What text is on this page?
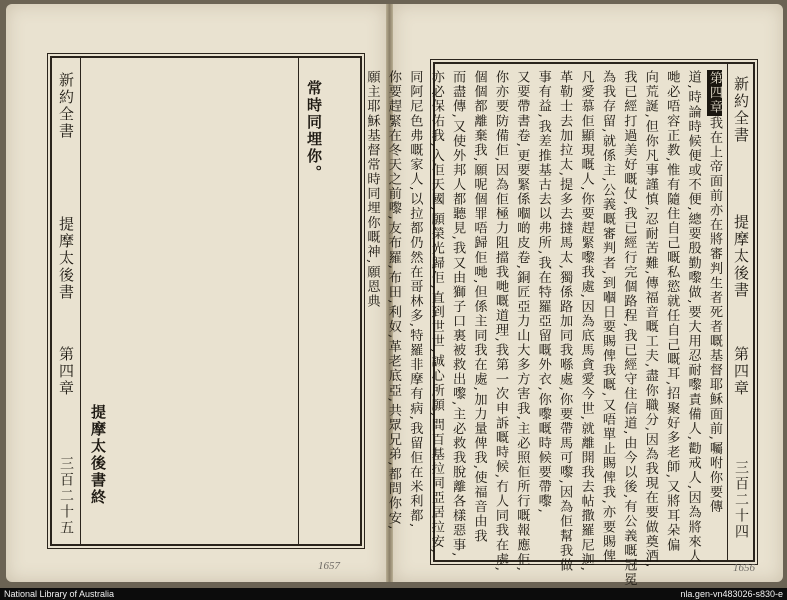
新約全書
提摩太後書
第四章
三百二十五
常時同埋你。
提摩太後書終

1657
新約全書
提摩太後書
第四章
三百二十四
第四章我在上帝面前亦在將審判生者死者嘅基督耶穌面前,囑咐你要傳
道,時論時候便或不便,總要殷勤嚟做,要大用忍耐嚟責備人,勸戒人,因為將來人
哋必唔容正教,惟有隨住自己嘅私慾就任自己嘅耳,招聚好多老師,又將耳朵偏
向荒誕,但你凡事謹慎,忍耐苦難,傳福音嘅工夫,盡你職分,因為我現在要做奠酒,
我已經打過美好嘅仗,我已經行完個路程,我已經守住信道,由今以後,有公義嘅冠冕
為我存留,就係主,公義嘅審判者,到嗰日要賜俾我嘅,又唔單止賜俾我,亦要賜俾
凡愛慕佢顯現嘅人,你要趕緊嚟我處,因為底馬貪愛今世,就離開我去帖撒羅尼迦,
革勒士去加拉太,提多去撻馬太,獨係路加同我喺處,你要帶馬可嚟,因為佢幫我做
事有益,我差推基古去以弗所,我在特羅亞留嘅外衣,你嚟嘅時候要帶嚟,
又要帶書卷,更要緊係嗰啲皮卷,銅匠亞力山大多方害我,主必照佢所行嘅報應佢,
你亦要防備佢,因為佢極力阻擋我哋嘅道理,我第一次申訴嘅時候,冇人同我在處,
個個都離棄我,願呢個罪唔歸佢哋,但係主同我在處,加力量俾我,使福音由我
而盡傳,又使外邦人都聽見,我又由獅子口裏被救出嚟,主必救我脫離各樣惡事,
亦必保佑我,入佢天國,願榮光歸佢,直到世世,誠心所願,問百基拉同亞居拉安,
同阿尼色弗嘅家人,以拉都仍然在哥林多,特羅非摩有病,我留佢在米利都,
你要趕緊在冬天之前嚟,友布羅,布田,利奴,革老底亞,共眾兄弟,都問你安,
願主耶穌基督常時同埋你嘅神,願恩典
1656
National Library of Australia	nla.gen-vn483026-s830-e
